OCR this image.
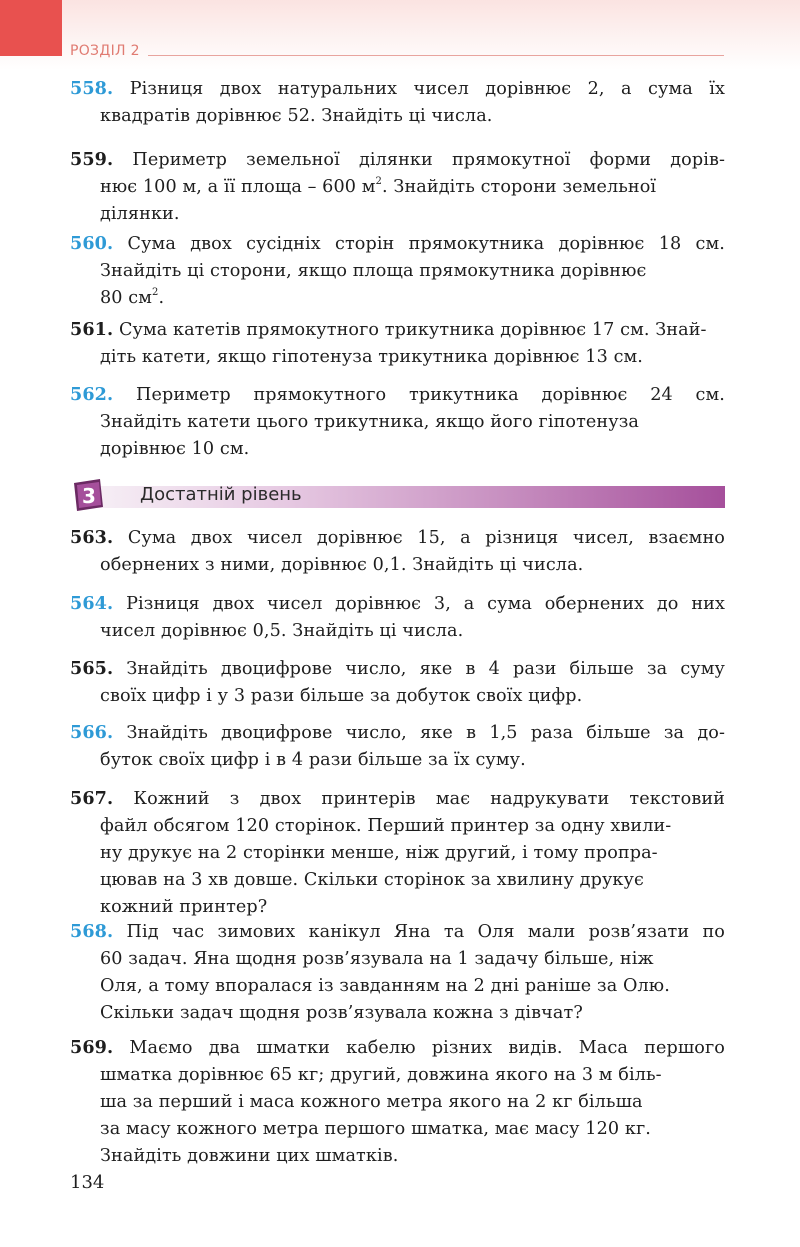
РОЗДІЛ 2
558. Різниця двох натуральних чисел дорівнює 2, а сума їх
квадратів дорівнює 52. Знайдіть ці числа.
559. Периметр земельної ділянки прямокутної форми дорів-
нює 100 м, а її площа – 600 $м^2$. Знайдіть сторони земельної
ділянки.
560. Сума двох сусідніх сторін прямокутника дорівнює 18 см.
Знайдіть ці сторони, якщо площа прямокутника дорівнює
80 $см^2$.
561. Сума катетів прямокутного трикутника дорівнює 17 см. Знай-
діть катети, якщо гіпотенуза трикутника дорівнює 13 см.
562. Периметр прямокутного трикутника дорівнює 24 см.
Знайдіть катети цього трикутника, якщо його гіпотенуза
дорівнює 10 см.
3 Достатній рівень
563. Сума двох чисел дорівнює 15, а різниця чисел, взаємно
обернених з ними, дорівнює 0,1. Знайдіть ці числа.
564. Різниця двох чисел дорівнює 3, а сума обернених до них
чисел дорівнює 0,5. Знайдіть ці числа.
565. Знайдіть двоцифрове число, яке в 4 рази більше за суму
своїх цифр і у 3 рази більше за добуток своїх цифр.
566. Знайдіть двоцифрове число, яке в 1,5 раза більше за до-
буток своїх цифр і в 4 рази більше за їх суму.
567. Кожний з двох принтерів має надрукувати текстовий
файл обсягом 120 сторінок. Перший принтер за одну хвили-
ну друкує на 2 сторінки менше, ніж другий, і тому пропра-
цював на 3 хв довше. Скільки сторінок за хвилину друкує
кожний принтер?
568. Під час зимових канікул Яна та Оля мали розв’язати по
60 задач. Яна щодня розв’язувала на 1 задачу більше, ніж
Оля, а тому впоралася із завданням на 2 дні раніше за Олю.
Скільки задач щодня розв’язувала кожна з дівчат?
569. Маємо два шматки кабелю різних видів. Маса першого
шматка дорівнює 65 кг; другий, довжина якого на 3 м біль-
ша за перший і маса кожного метра якого на 2 кг більша
за масу кожного метра першого шматка, має масу 120 кг.
Знайдіть довжини цих шматків.
134
